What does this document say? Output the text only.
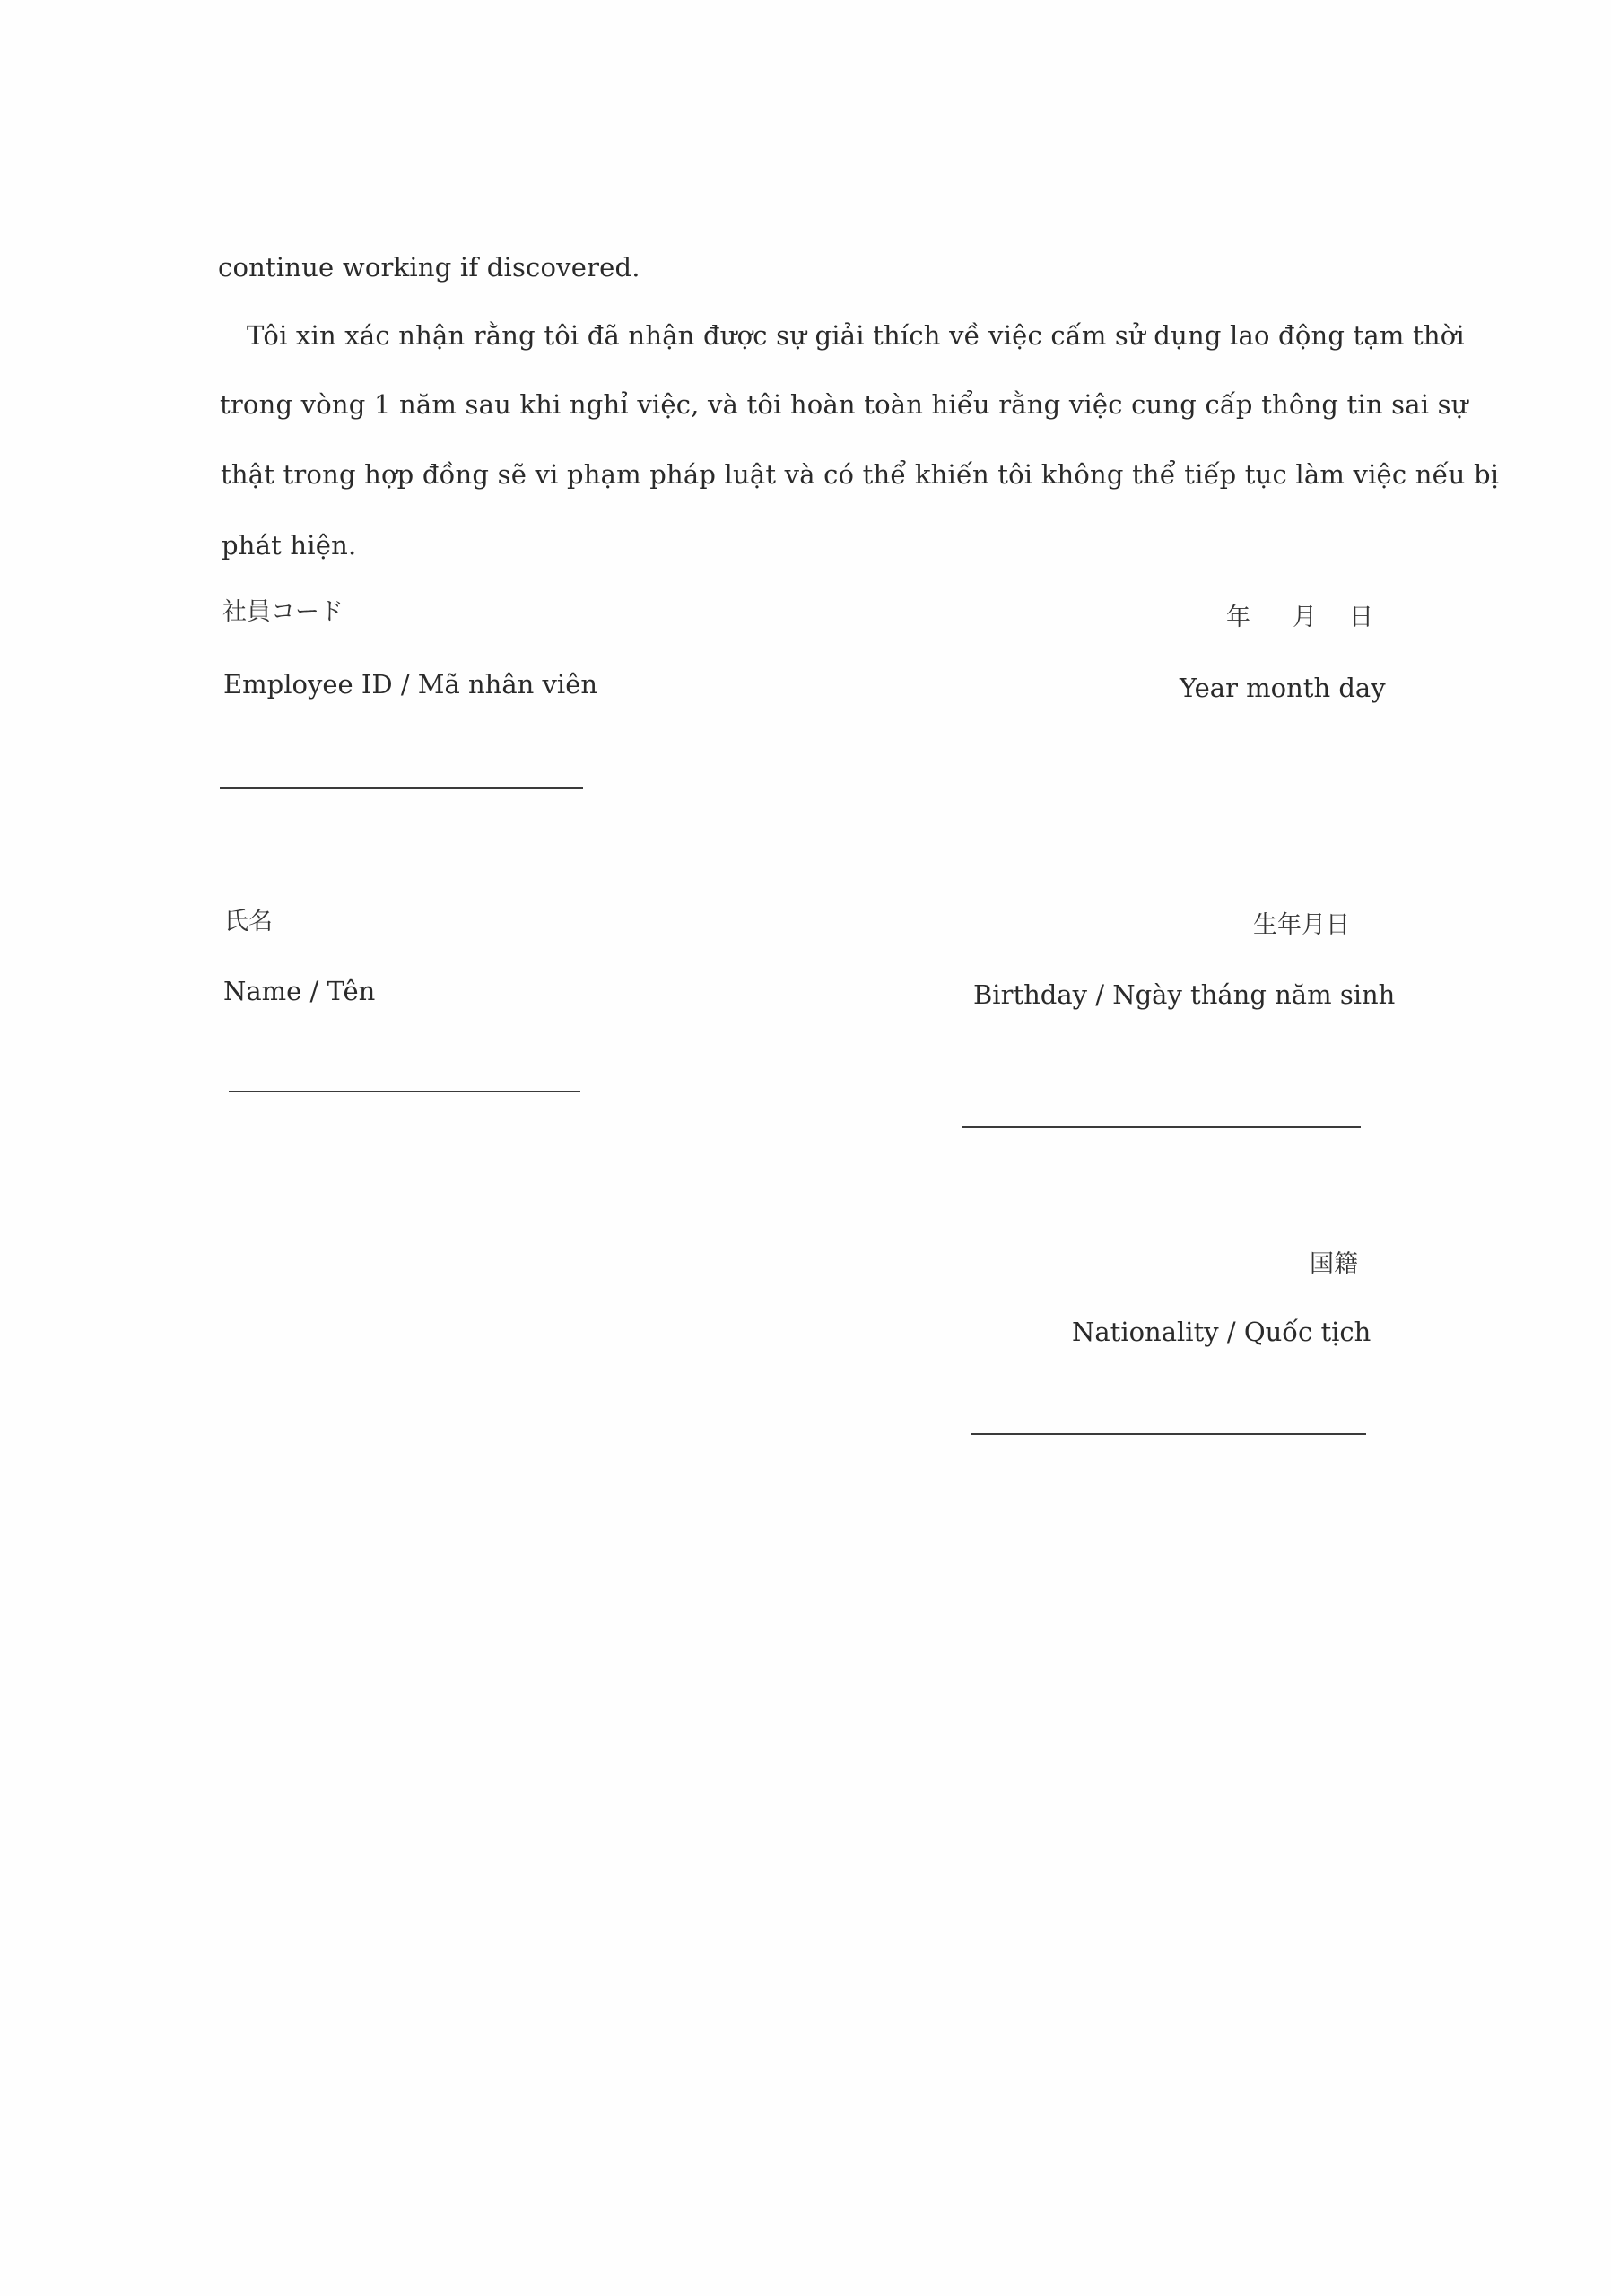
continue working if discovered.
Tôi xin xác nhận rằng tôi đã nhận được sự giải thích về việc cấm sử dụng lao động tạm thời
trong vòng 1 năm sau khi nghỉ việc, và tôi hoàn toàn hiểu rằng việc cung cấp thông tin sai sự
thật trong hợp đồng sẽ vi phạm pháp luật và có thể khiến tôi không thể tiếp tục làm việc nếu bị
phát hiện.
社員コード
Employee ID / Mã nhân viên
年 月 日
Year month day
氏名
Name / Tên
生年月日
Birthday / Ngày tháng năm sinh
国籍
Nationality / Quốc tịch
